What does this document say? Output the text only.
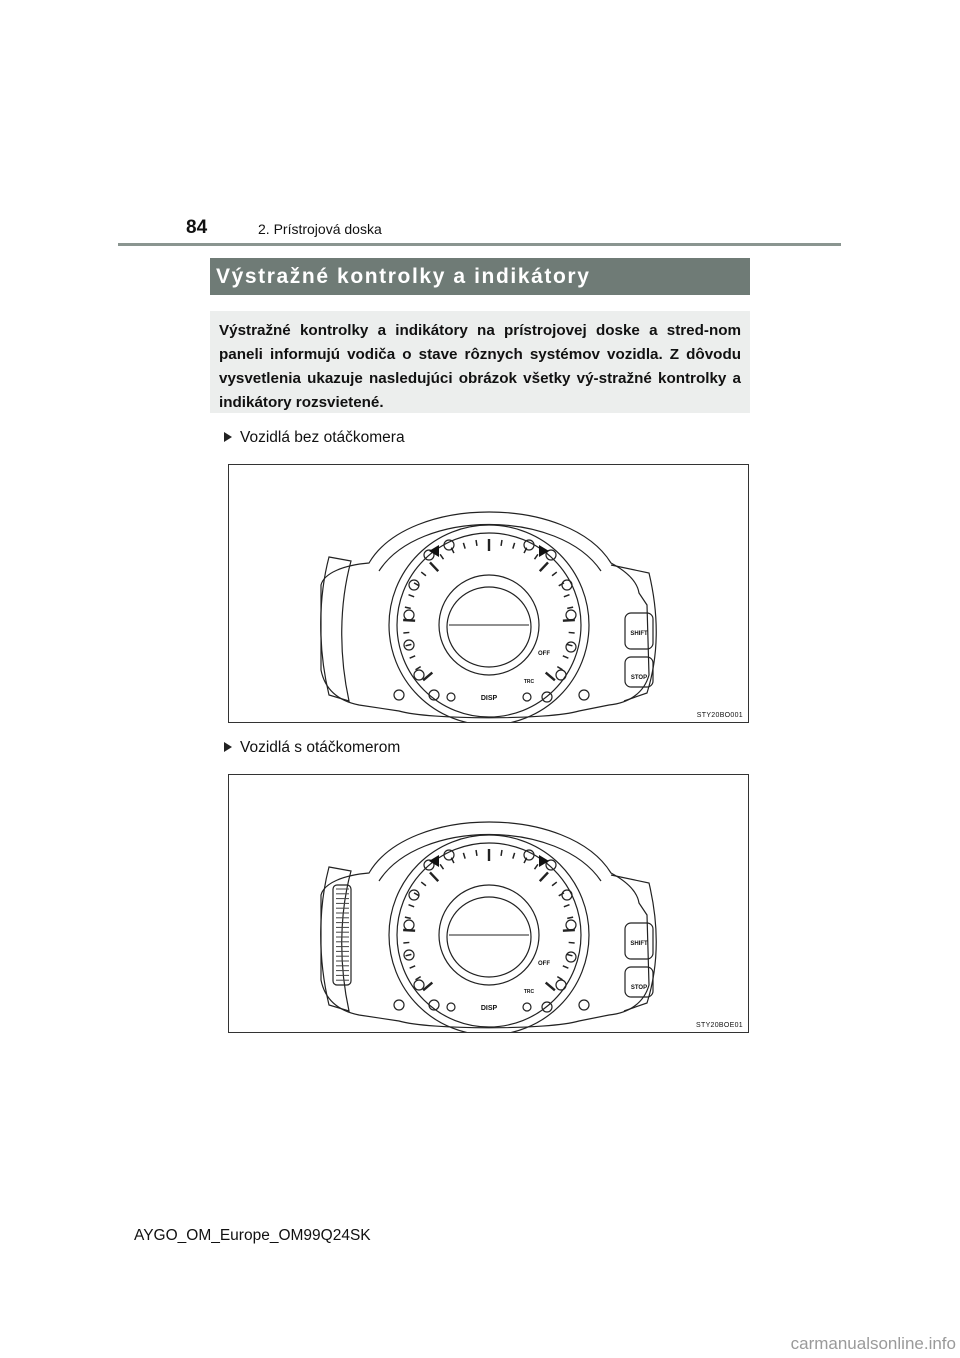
84	2. Prístrojová doska
Výstražné kontrolky a indikátory
Výstražné kontrolky a indikátory na prístrojovej doske a stred-nom paneli informujú vodiča o stave rôznych systémov vozidla. Z dôvodu vysvetlenia ukazuje nasledujúci obrázok všetky vý-stražné kontrolky a indikátory rozsvietené.
Vozidlá bez otáčkomera
SHIFT
STOP
DISP
OFF
TRC
STY20BO001
Vozidlá s otáčkomerom
SHIFT
STOP
DISP
OFF
TRC
STY20BOE01
AYGO_OM_Europe_OM99Q24SK
carmanualsonline.info
